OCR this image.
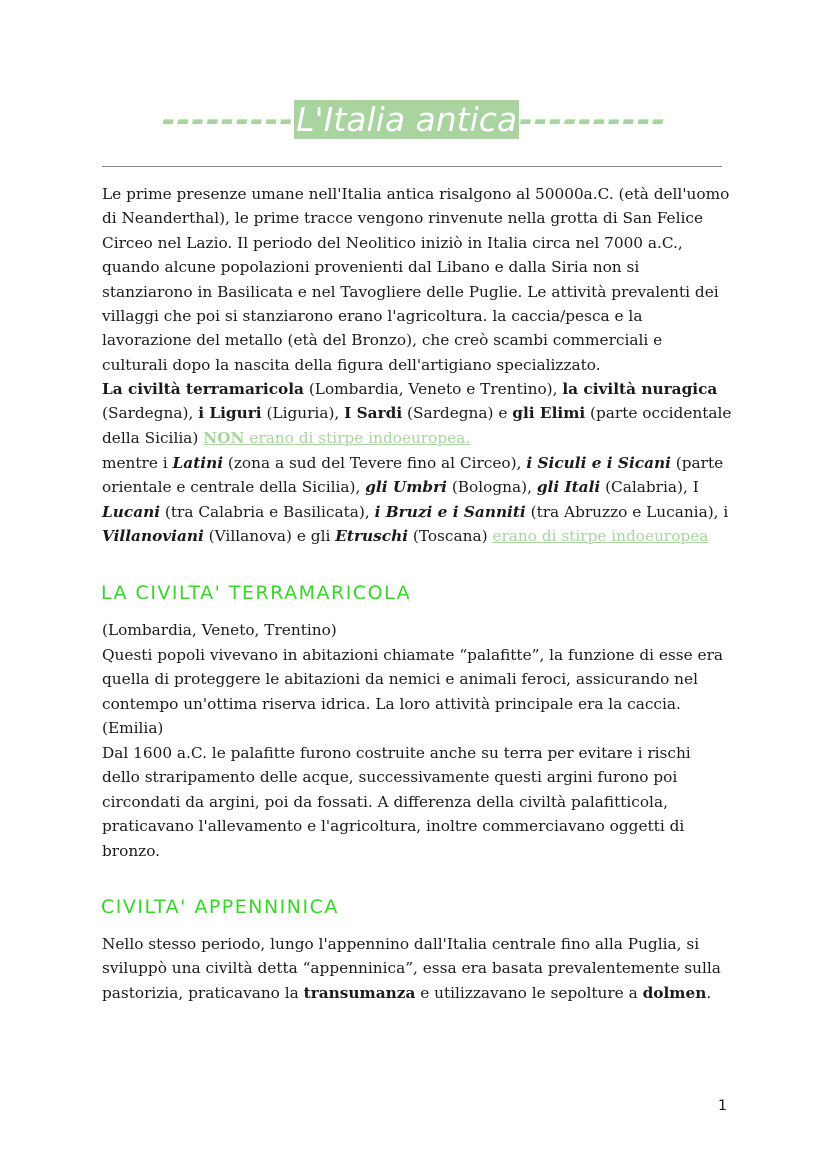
---------L'Italia antica----------

Le prime presenze umane nell'Italia antica risalgono al 50000a.C. (età dell'uomo di Neanderthal), le prime tracce vengono rinvenute nella grotta di San Felice Circeo nel Lazio. Il periodo del Neolitico iniziò in Italia circa nel 7000 a.C., quando alcune popolazioni provenienti dal Libano e dalla Siria non si stanziarono in Basilicata e nel Tavogliere delle Puglie. Le attività prevalenti dei villaggi che poi si stanziarono erano l'agricoltura. la caccia/pesca e la lavorazione del metallo (età del Bronzo), che creò scambi commerciali e culturali dopo la nascita della figura dell'artigiano specializzato.

La civiltà terramaricola (Lombardia, Veneto e Trentino), la civiltà nuragica (Sardegna), i Liguri (Liguria), I Sardi (Sardegna) e gli Elimi (parte occidentale della Sicilia) NON erano di stirpe indoeuropea.

mentre i Latini (zona a sud del Tevere fino al Circeo), i Siculi e i Sicani (parte orientale e centrale della Sicilia), gli Umbri (Bologna), gli Itali (Calabria), I Lucani (tra Calabria e Basilicata), i Bruzi e i Sanniti (tra Abruzzo e Lucania), i Villanoviani (Villanova) e gli Etruschi (Toscana) erano di stirpe indoeuropea

LA CIVILTA' TERRAMARICOLA

(Lombardia, Veneto, Trentino)

Questi popoli vivevano in abitazioni chiamate “palafitte”, la funzione di esse era quella di proteggere le abitazioni da nemici e animali feroci, assicurando nel contempo un'ottima riserva idrica. La loro attività principale era la caccia.

(Emilia)

Dal 1600 a.C. le palafitte furono costruite anche su terra per evitare i rischi dello straripamento delle acque, successivamente questi argini furono poi circondati da argini, poi da fossati. A differenza della civiltà palafitticola, praticavano l'allevamento e l'agricoltura, inoltre commerciavano oggetti di bronzo.

CIVILTA' APPENNINICA

Nello stesso periodo, lungo l'appennino dall'Italia centrale fino alla Puglia, si sviluppò una civiltà detta “appenninica”, essa era basata prevalentemente sulla pastorizia, praticavano la transumanza e utilizzavano le sepolture a dolmen.

1
